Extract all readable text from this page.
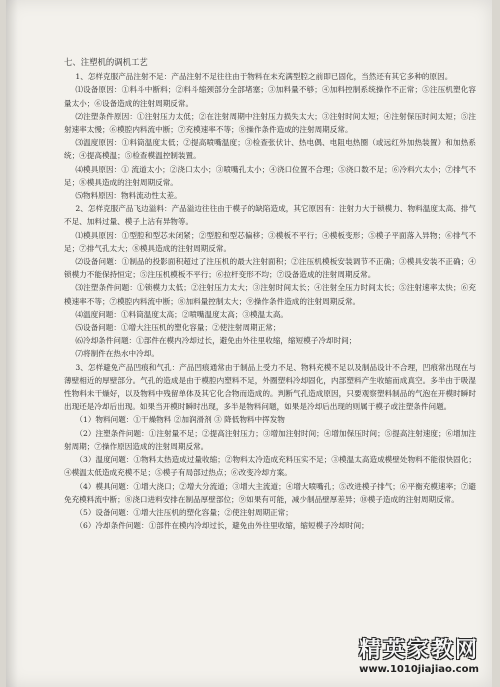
七、注塑机的调机工艺

1、怎样克服产品注射不足：产品注射不足往往由于物料在未充满型腔之前即已固化，当然还有其它多种的原因。

⑴设备原因：①料斗中断料；②料斗缩颈部分全部堵塞；③加料量不够；④加料控制系统操作不正常；⑤注压机塑化容量太小；⑥设备造成的注射周期反常。

⑵注塑条件原因：①注射压力太低；②在注射周期中注射压力损失太大；③注射时间太短；④注射保压时间太短；⑤注射速率太慢；⑥模腔内料流中断；⑦充模速率不等；⑧操作条件造成的注射周期反常。

⑶温度原因：①料筒温度太低；②提高喷嘴温度；③检查张伏计、热电偶、电阻电热圈（或远红外加热装置）和加热系统；④提高模温；⑤检查模温控制装置。

⑷模具原因：① 流道太小；②浇口太小；③喷嘴孔太小；④浇口位置不合理；⑤浇口数不足；⑥冷料穴太小；⑦排气不足；⑧模具造成的注射周期反常。

⑸物料原因：物料流动性太差。

2、怎样克服产品飞边溢料：产品溢边往往由于模子的缺陷造成，其它原因有：注射力大于锁模力、物料温度太高、排气不足、加料过量、模子上沾有异物等。

⑴模具原因：①型腔和型芯未闭紧；②型腔和型芯偏移；③模板不平行；④模板变形；⑤模子平面落入异物；⑥排气不足；⑦排气孔太大；⑧模具造成的注射周期反常。

⑵设备问题：①制品的投影面积超过了注压机的最大注射面积；②注压机模板安装调节不正确；③模具安装不正确；④锁模力不能保持恒定；⑤注压机模板不平行；⑥拉杆变形不均；⑦设备造成的注射周期反常。

⑶注塑条件问题：①锁模力太低；②注射压力太大；③注射时间太长；④注射全压力时间太长；⑤注射速率太快；⑥充模速率不等；⑦模腔内料流中断；⑧加料量控制太大；⑨操作条件造成的注射周期反常。

⑷温度问题：①料筒温度太高；②喷嘴温度太高；③模温太高。

⑸设备问题：①增大注压机的塑化容量；②使注射周期正常；

⑹冷却条件问题：①部件在模内冷却过长，避免由外往里收缩，缩短模子冷却时间；

⑺将制件在热水中冷却。

3、怎样避免产品凹痕和气孔：产品凹痕通常由于制品上受力不足、物料充模不足以及制品设计不合理，凹痕常出现在与薄壁相近的厚壁部分。气孔的造成是由于模腔内塑料不足，外圈塑料冷却固化，内部塑料产生收缩而成真空。多半由于吸湿性物料未干燥好，以及物料中残留单体及其它化合物而造成的。判断气孔造成原因，只要观察塑料制品的气泡在开模时瞬时出现还是冷却后出现。如果当开模时瞬时出现，多半是物料问题，如果是冷却后出现的则属于模子或注塑条件问题。

（1）物料问题：①干燥物料 ②加润滑剂 ③ 降低物料中挥发物

（2）注塑条件问题：①注射量不足；②提高注射压力；③增加注射时间；④增加保压时间；⑤提高注射速度；⑥增加注射周期；⑦操作原因造成的注射周期反常。

（3）温度问题：①物料太热造成过量收缩；②物料太冷造成充料压实不足；③模温太高造成模壁处物料不能很快固化；④模温太低造成充模不足；⑤模子有局部过热点；⑥改变冷却方案。

（4）模具问题：①增大浇口；②增大分流道；③增大主流道；④增大喷嘴孔；⑤改进模子排气；⑥平衡充模速率；⑦避免充模料流中断；⑧浇口进料安排在制品厚壁部位；⑨如果有可能，减少制品壁厚差异；⑩模子造成的注射周期反常。

（5）设备问题：①增大注压机的塑化容量；②使注射周期正常；

（6）冷却条件问题：①部件在模内冷却过长，避免由外往里收缩，缩短模子冷却时间；

精英家教网
www.1010jiajiao.com
